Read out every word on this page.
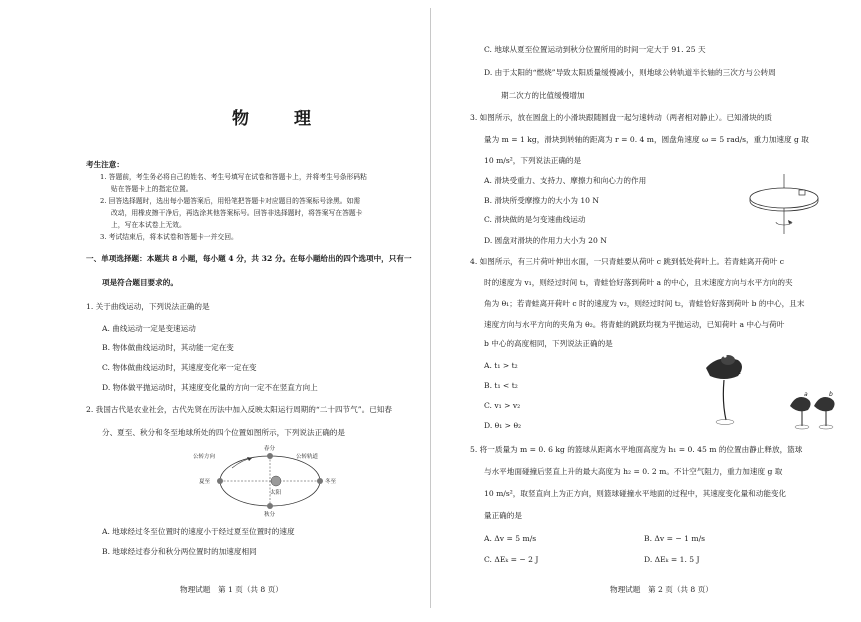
物　理
考生注意：
1. 答题前，考生务必将自己的姓名、考生号填写在试卷和答题卡上，并将考生号条形码粘
贴在答题卡上的指定位置。
2. 回答选择题时，选出每小题答案后，用铅笔把答题卡对应题目的答案标号涂黑。如需
改动，用橡皮擦干净后，再选涂其他答案标号。回答非选择题时，将答案写在答题卡
上，写在本试卷上无效。
3. 考试结束后，将本试卷和答题卡一并交回。
一、单项选择题：本题共 8 小题，每小题 4 分，共 32 分。在每小题给出的四个选项中，只有一
项是符合题目要求的。
1. 关于曲线运动，下列说法正确的是
A. 曲线运动一定是变速运动
B. 物体做曲线运动时，其动能一定在变
C. 物体做曲线运动时，其速度变化率一定在变
D. 物体做平抛运动时，其速度变化量的方向一定不在竖直方向上
2. 我国古代是农业社会，古代先贤在历法中加入反映太阳运行周期的“二十四节气”。已知春
分、夏至、秋分和冬至地球所处的四个位置如图所示，下列说法正确的是
公转方向	公转轨道
春分
夏至	冬至
秋分
太阳
A. 地球经过冬至位置时的速度小于经过夏至位置时的速度
B. 地球经过春分和秋分两位置时的加速度相同
物理试题　第 1 页（共 8 页）
C. 地球从夏至位置运动到秋分位置所用的时间一定大于 91. 25 天
D. 由于太阳的“燃烧”导致太阳质量缓慢减小，则地球公转轨道半长轴的三次方与公转周
期二次方的比值缓慢增加
3. 如图所示，放在圆盘上的小滑块跟随圆盘一起匀速转动（两者相对静止）。已知滑块的质
量为 m = 1 kg，滑块到转轴的距离为 r = 0. 4 m，圆盘角速度 ω = 5 rad/s，重力加速度 g 取
10 m/s²，下列说法正确的是
A. 滑块受重力、支持力、摩擦力和向心力的作用
B. 滑块所受摩擦力的大小为 10 N
C. 滑块做的是匀变速曲线运动
D. 圆盘对滑块的作用力大小为 20 N
4. 如图所示，有三片荷叶伸出水面，一只青蛙要从荷叶 c 跳到低处荷叶上。若青蛙离开荷叶 c
时的速度为 v₁，则经过时间 t₁，青蛙恰好落到荷叶 a 的中心，且末速度方向与水平方向的夹
角为 θ₁；若青蛙离开荷叶 c 时的速度为 v₂，则经过时间 t₂，青蛙恰好落到荷叶 b 的中心，且末
速度方向与水平方向的夹角为 θ₂。将青蛙的跳跃均视为平抛运动，已知荷叶 a 中心与荷叶
b 中心的高度相同，下列说法正确的是
A. t₁ > t₂
B. t₁ < t₂
C. v₁ > v₂
D. θ₁ > θ₂
c
a	b
5. 将一质量为 m = 0. 6 kg 的篮球从距离水平地面高度为 h₁ = 0. 45 m 的位置由静止释放，篮球
与水平地面碰撞后竖直上升的最大高度为 h₂ = 0. 2 m。不计空气阻力，重力加速度 g 取
10 m/s²，取竖直向上为正方向，则篮球碰撞水平地面的过程中，其速度变化量和动能变化
量正确的是
A. Δv = 5 m/s	B. Δv = − 1 m/s
C. ΔEₖ = − 2 J	D. ΔEₖ = 1. 5 J
物理试题　第 2 页（共 8 页）
